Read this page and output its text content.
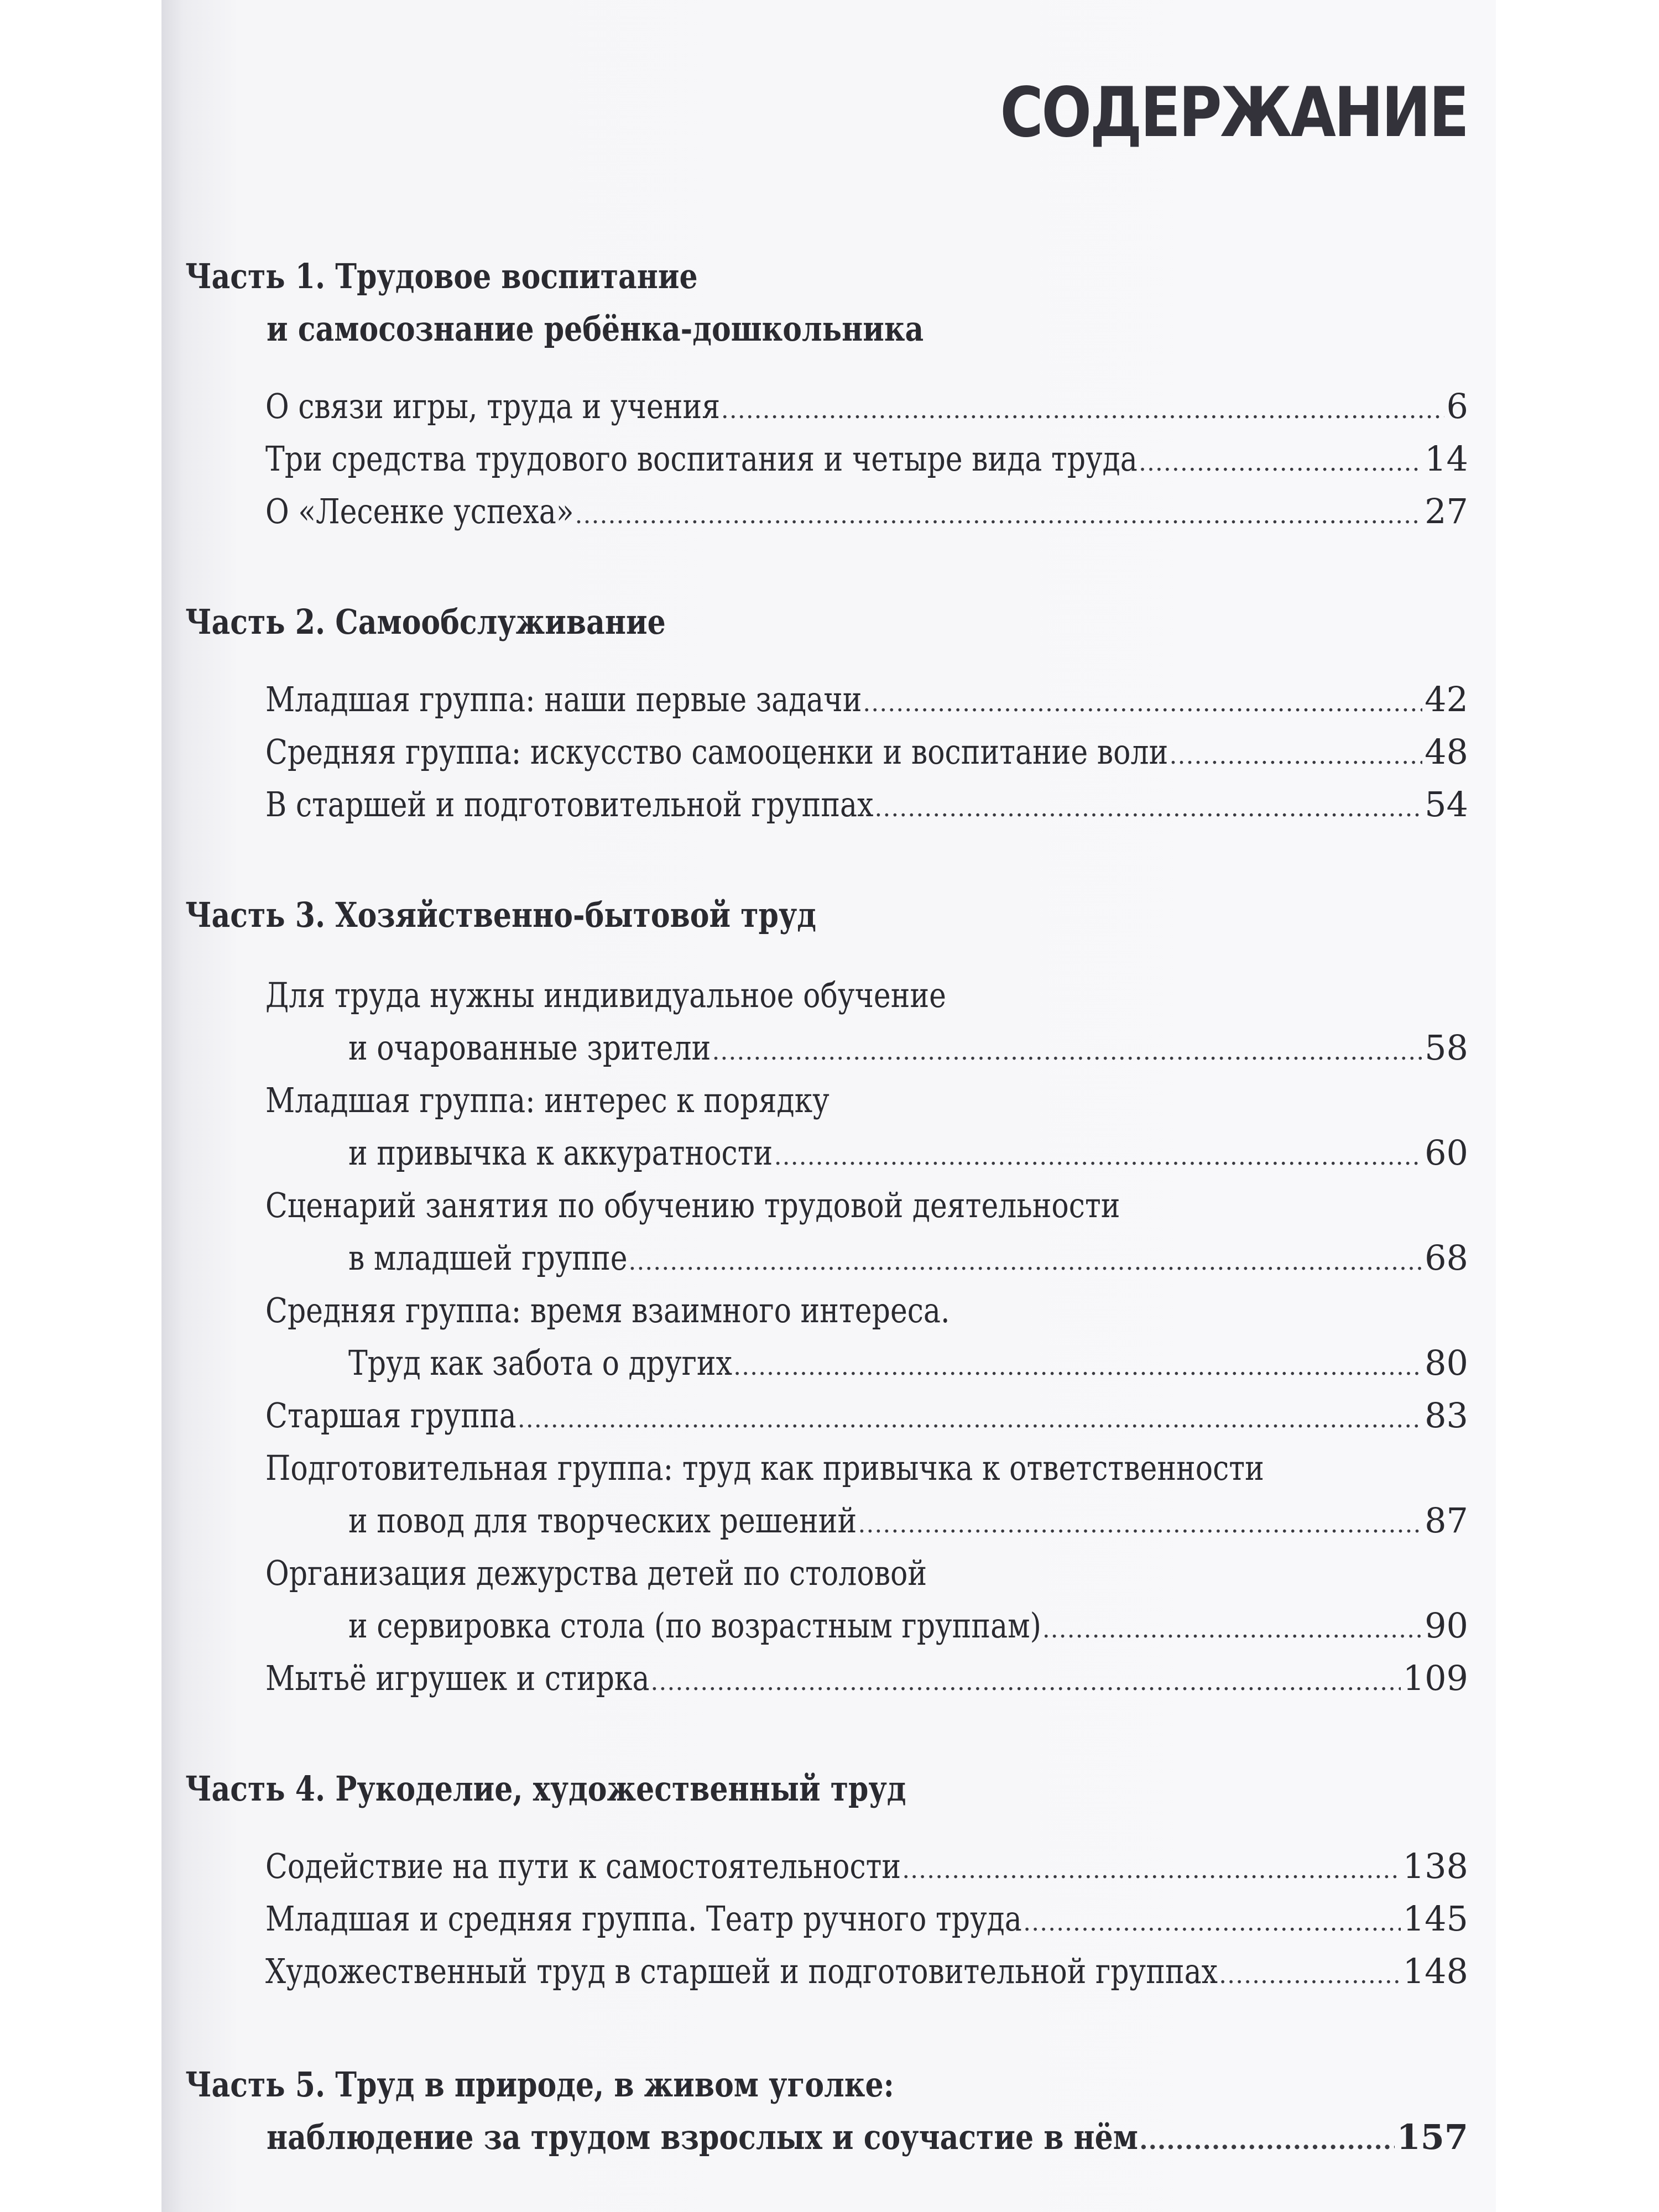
СОДЕРЖАНИЕ
Часть 1. Трудовое воспитание
и самосознание ребёнка-дошкольника
О связи игры, труда и учения .....	6
Три средства трудового воспитания и четыре вида труда .....	14
О «Лесенке успеха» .....	27
Часть 2. Самообслуживание
Младшая группа: наши первые задачи .....	42
Средняя группа: искусство самооценки и воспитание воли .....	48
В старшей и подготовительной группах .....	54
Часть 3. Хозяйственно-бытовой труд
Для труда нужны индивидуальное обучение
и очарованные зрители .....	58
Младшая группа: интерес к порядку
и привычка к аккуратности .....	60
Сценарий занятия по обучению трудовой деятельности
в младшей группе .....	68
Средняя группа: время взаимного интереса.
Труд как забота о других .....	80
Старшая группа .....	83
Подготовительная группа: труд как привычка к ответственности
и повод для творческих решений .....	87
Организация дежурства детей по столовой
и сервировка стола (по возрастным группам) .....	90
Мытьё игрушек и стирка .....	109
Часть 4. Рукоделие, художественный труд
Содействие на пути к самостоятельности .....	138
Младшая и средняя группа. Театр ручного труда .....	145
Художественный труд в старшей и подготовительной группах .....	148
Часть 5. Труд в природе, в живом уголке:
наблюдение за трудом взрослых и соучастие в нём .....	157
